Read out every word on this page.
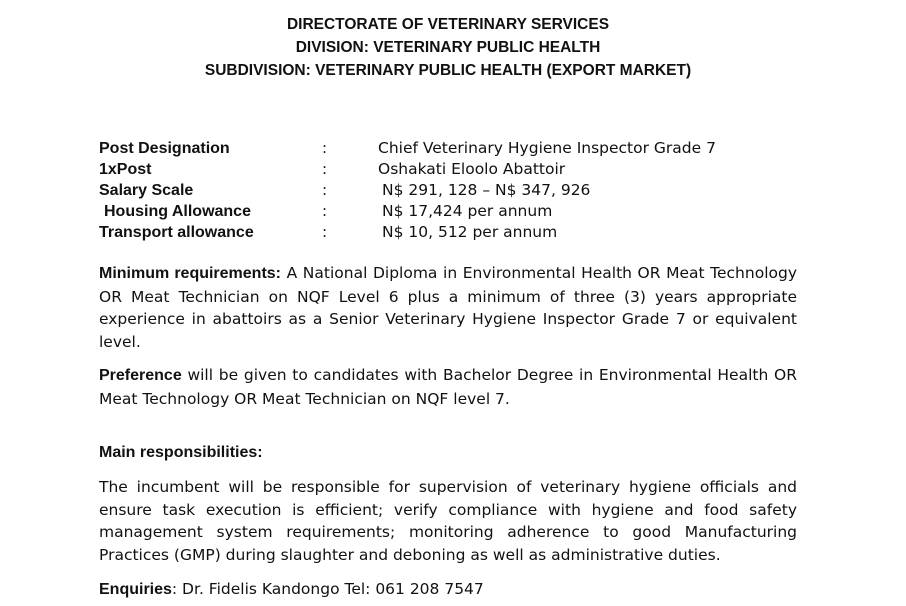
DIRECTORATE OF VETERINARY SERVICES
DIVISION: VETERINARY PUBLIC HEALTH
SUBDIVISION: VETERINARY PUBLIC HEALTH (EXPORT MARKET)
Post Designation	:	Chief Veterinary Hygiene Inspector Grade 7
1xPost	:	Oshakati Eloolo Abattoir
Salary Scale	:	N$ 291, 128 – N$ 347, 926
Housing Allowance	:	N$ 17,424 per annum
Transport allowance	:	N$ 10, 512 per annum
Minimum requirements: A National Diploma in Environmental Health OR Meat Technology OR Meat Technician on NQF Level 6 plus a minimum of three (3) years appropriate experience in abattoirs as a Senior Veterinary Hygiene Inspector Grade 7 or equivalent level.
Preference will be given to candidates with Bachelor Degree in Environmental Health OR Meat Technology OR Meat Technician on NQF level 7.
Main responsibilities:
The incumbent will be responsible for supervision of veterinary hygiene officials and ensure task execution is efficient; verify compliance with hygiene and food safety management system requirements; monitoring adherence to good Manufacturing Practices (GMP) during slaughter and deboning as well as administrative duties.
Enquiries: Dr. Fidelis Kandongo Tel: 061 208 7547
